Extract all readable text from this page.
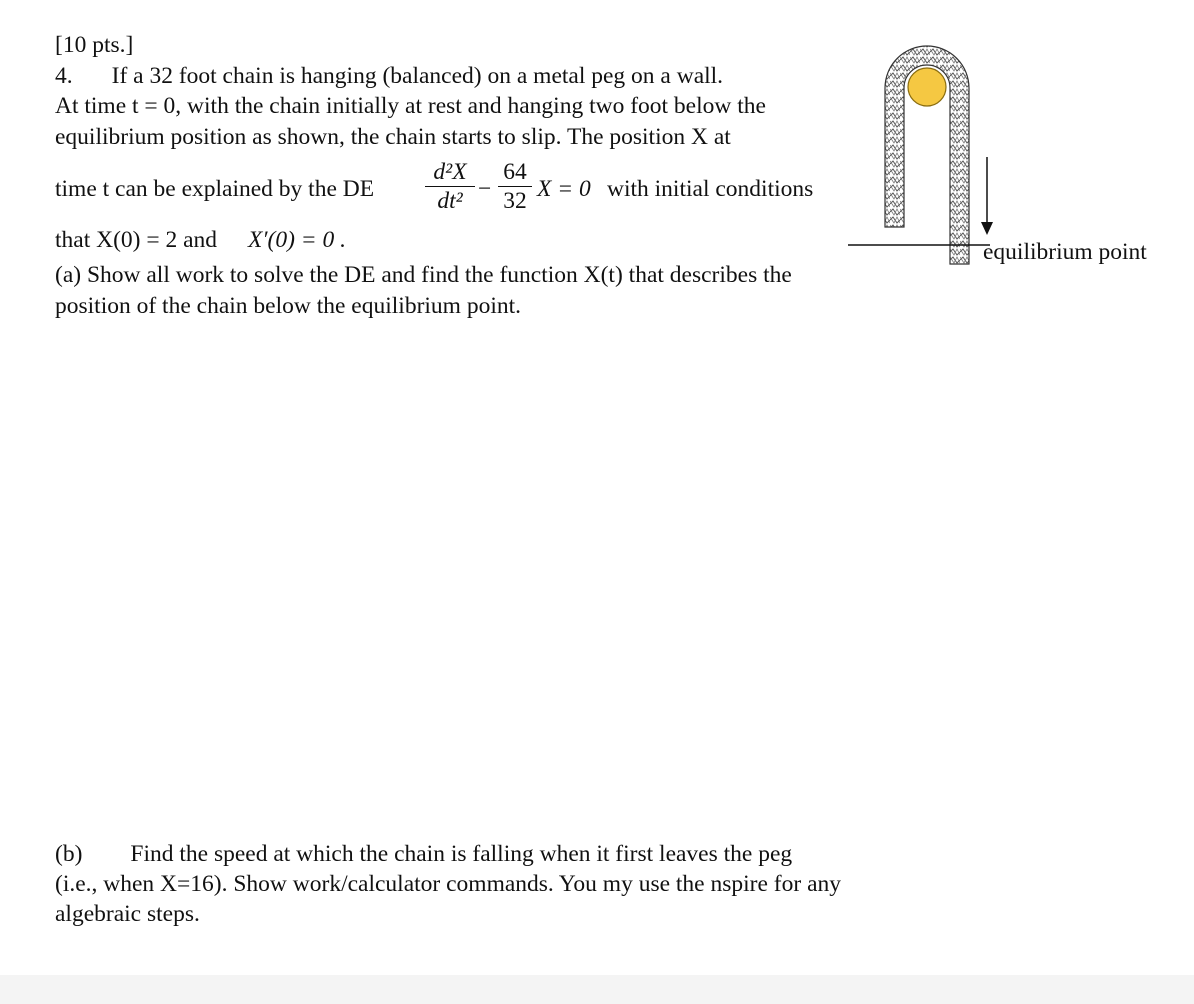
[10 pts.]
4. If a 32 foot chain is hanging (balanced) on a metal peg on a wall.
At time t = 0, with the chain initially at rest and hanging two foot below the
equilibrium position as shown, the chain starts to slip. The position X at
time t can be explained by the DE
d²X
dt² −
64
32 X = 0 with initial conditions
that X(0) = 2 and X′(0) = 0 .
(a) Show all work to solve the DE and find the function X(t) that describes the
position of the chain below the equilibrium point.
(b) Find the speed at which the chain is falling when it first leaves the peg
(i.e., when X=16). Show work/calculator commands. You my use the nspire for any
algebraic steps.
equilibrium point
